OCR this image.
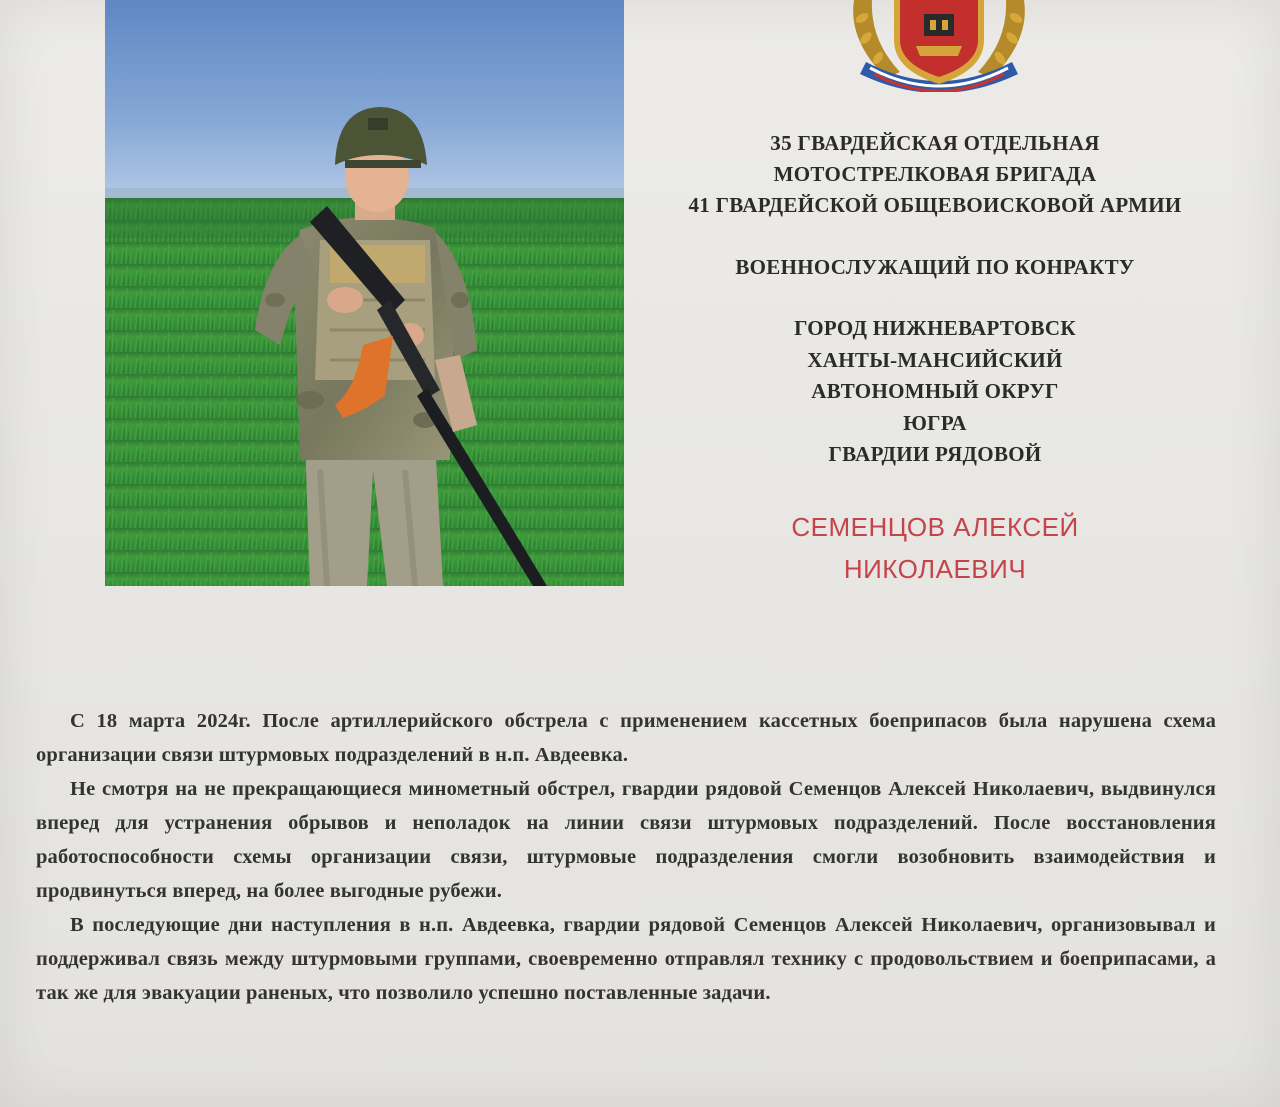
35 ГВАРДЕЙСКАЯ ОТДЕЛЬНАЯ
МОТОСТРЕЛКОВАЯ БРИГАДА
41 ГВАРДЕЙСКОЙ ОБЩЕВОИСКОВОЙ АРМИИ
ВОЕННОСЛУЖАЩИЙ ПО КОНРАКТУ
ГОРОД НИЖНЕВАРТОВСК
ХАНТЫ-МАНСИЙСКИЙ
АВТОНОМНЫЙ ОКРУГ
ЮГРА
ГВАРДИИ РЯДОВОЙ
СЕМЕНЦОВ АЛЕКСЕЙ
НИКОЛАЕВИЧ

С 18 марта 2024г. После артиллерийского обстрела с применением кассетных боеприпасов была нарушена схема организации связи штурмовых подразделений в н.п. Авдеевка.

Не смотря на не прекращающиеся минометный обстрел, гвардии рядовой Семенцов Алексей Николаевич, выдвинулся вперед для устранения обрывов и неполадок на линии связи штурмовых подразделений. После восстановления работоспособности схемы организации связи, штурмовые подразделения смогли возобновить взаимодействия и продвинуться вперед, на более выгодные рубежи.

В последующие дни наступления в н.п. Авдеевка, гвардии рядовой Семенцов Алексей Николаевич, организовывал и поддерживал связь между штурмовыми группами, своевременно отправлял технику с продовольствием и боеприпасами, а так же для эвакуации раненых, что позволило успешно поставленные задачи.
